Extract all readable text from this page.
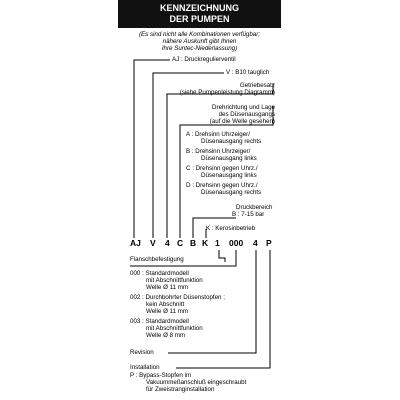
KENNZEICHNUNG
DER PUMPEN
(Es sind nicht alle Kombinationen verfügbar;
nähere Auskunft gibt Ihnen
Ihre Suntec-Niederlassung)
AJ : Druckregulierventil
V : B10 tauglich
Getriebesatz
(siehe Pumpenleistung Diagramm)
Drehrichtung und Lage
des Düsenausgangs
(auf die Welle gesehen)
A : Drehsinn Uhrzeiger/
Düsenausgang rechts
B : Drehsinn Uhrzeiger/
Düsenausgang links
C : Drehsinn gegen Uhrz./
Düsenausgang links
D : Drehsinn gegen Uhrz./
Düsenausgang rechts
Druckbereich
B : 7-15 bar
K : Kerosinbetrieb
AJ V 4 C B K 1 000 4 P
Flanschbefestigung
000 : Standardmodell
mit Abschnittfunktion
Welle Ø 11 mm
002 : Durchbohrter Düsenstopfen ;
kein Abschnitt
Welle Ø 11 mm
003 : Standardmodell
mit Abschnittfunktion
Welle Ø 8 mm
Revision
Installation
P : Bypass-Stopfen im
Vakuummeßanschluß eingeschraubt
für Zweistranginstallation
